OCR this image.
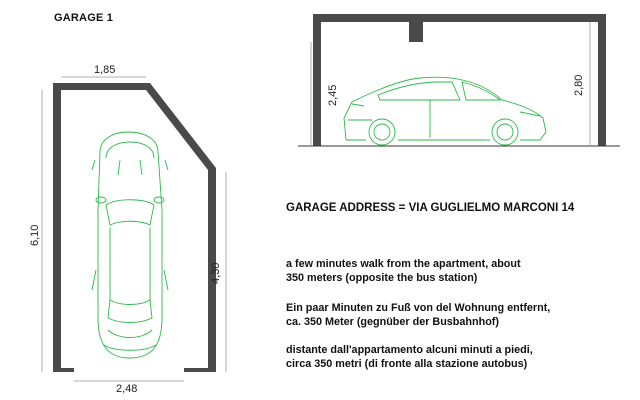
GARAGE 1
1,85
2,48
6,10
4,30
2,45	2,80
GARAGE ADDRESS = VIA GUGLIELMO MARCONI 14
a few minutes walk from the apartment, about
350 meters (opposite the bus station)
Ein paar Minuten zu Fuß von del Wohnung entfernt,
ca. 350 Meter (gegnüber der Busbahnhof)
distante dall'appartamento alcuni minuti a piedi,
circa 350 metri (di fronte alla stazione autobus)
